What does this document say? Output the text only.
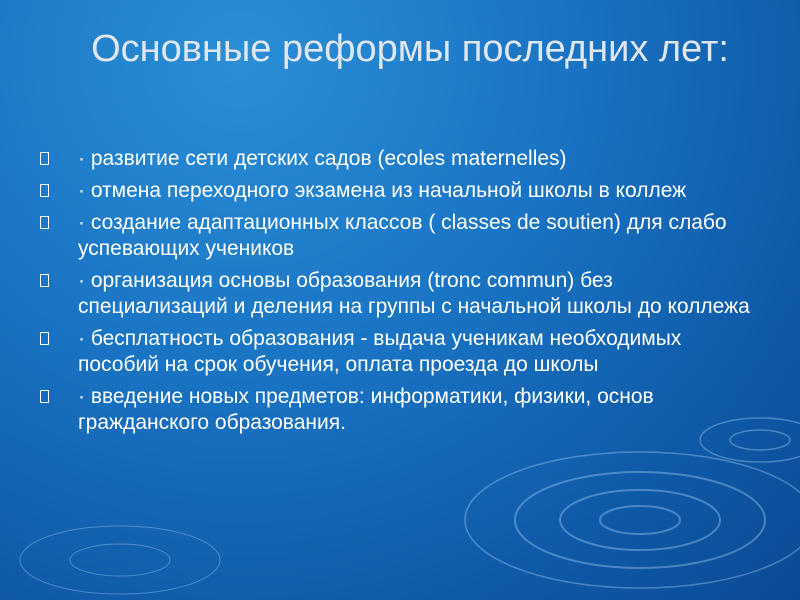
Основные реформы последних лет:
· развитие сети детских садов (ecoles maternelles)
· отмена переходного экзамена из начальной школы в коллеж
· создание адаптационных классов ( classes de soutien) для слабо успевающих учеников
· организация основы образования (tronc commun) без специализаций и деления на группы с начальной школы до коллежа
· бесплатность образования - выдача ученикам необходимых пособий на срок обучения, оплата проезда до школы
· введение новых предметов: информатики, физики, основ гражданского образования.
